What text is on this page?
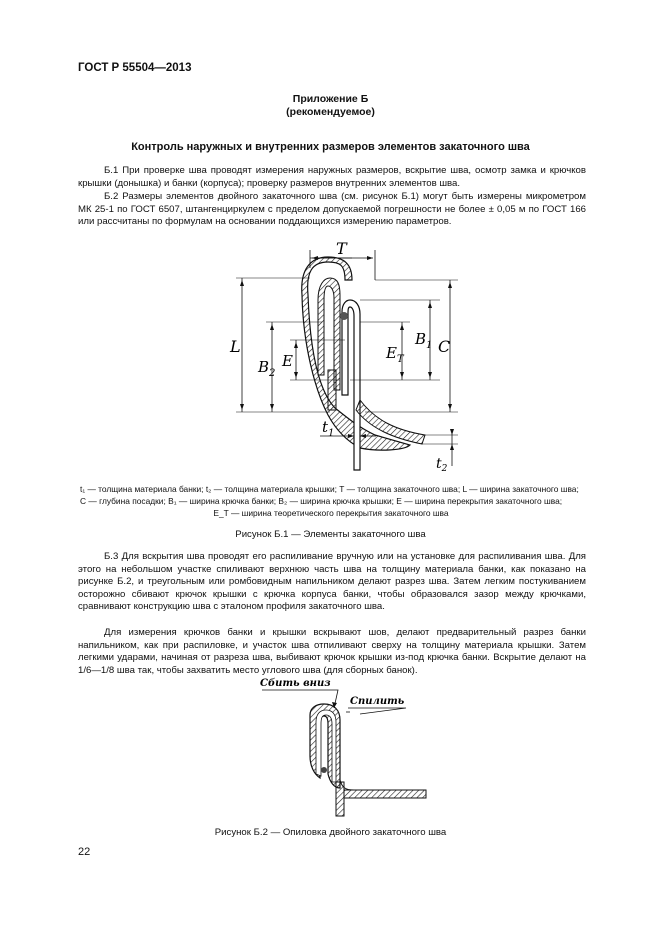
ГОСТ Р 55504—2013
Приложение Б
(рекомендуемое)
Контроль наружных и внутренних размеров элементов закаточного шва
Б.1 При проверке шва проводят измерения наружных размеров, вскрытие шва, осмотр замка и крючков крышки (донышка) и банки (корпуса); проверку размеров внутренних элементов шва.
Б.2 Размеры элементов двойного закаточного шва (см. рисунок Б.1) могут быть измерены микрометром МК 25-1 по ГОСТ 6507, штангенциркулем с пределом допускаемой погрешности не более ± 0,05 м по ГОСТ 166 или рассчитаны по формулам на основании поддающихся измерению параметров.
T
L
$B_2$
E	$E_T$
$B_1$ C
$t_1$
$t_2$
t₁ — толщина материала банки; t₂ — толщина материала крышки; T — толщина закаточного шва; L — ширина закаточного шва;
C — глубина посадки; B₁ — ширина крючка банки; B₂ — ширина крючка крышки; E — ширина перекрытия закаточного шва;
E_T — ширина теоретического перекрытия закаточного шва
Рисунок Б.1 — Элементы закаточного шва
Б.3 Для вскрытия шва проводят его распиливание вручную или на установке для распиливания шва. Для этого на небольшом участке спиливают верхнюю часть шва на толщину материала банки, как показано на рисунке Б.2, и треугольным или ромбовидным напильником делают разрез шва. Затем легким постукиванием осторожно сбивают крючок крышки с крючка корпуса банки, чтобы образовался зазор между крючками, сравнивают конструкцию шва с эталоном профиля закаточного шва.
Для измерения крючков банки и крышки вскрывают шов, делают предварительный разрез банки напильником, как при распиловке, и участок шва отпиливают сверху на толщину материала крышки. Затем легкими ударами, начиная от разреза шва, выбивают крючок крышки из-под крючка банки. Вскрытие делают на 1/6—1/8 шва так, чтобы захватить место углового шва (для сборных банок).
Сбить вниз
Спилить
Рисунок Б.2 — Опиловка двойного закаточного шва
22
